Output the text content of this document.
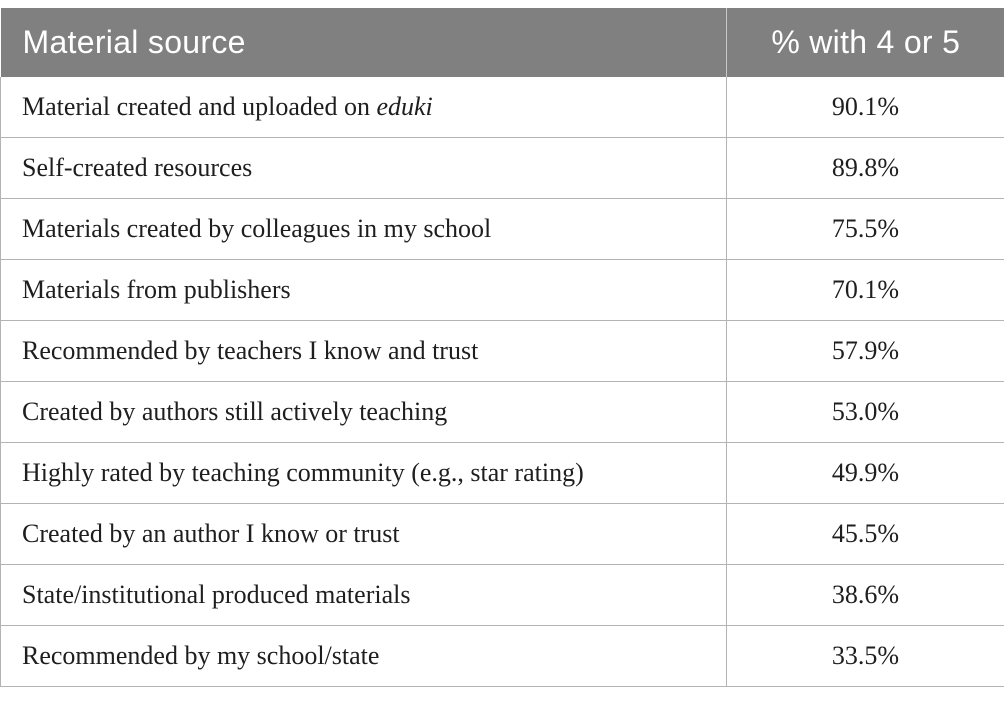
Material source	% with 4 or 5
Material created and uploaded on eduki	90.1%
Self-created resources	89.8%
Materials created by colleagues in my school	75.5%
Materials from publishers	70.1%
Recommended by teachers I know and trust	57.9%
Created by authors still actively teaching	53.0%
Highly rated by teaching community (e.g., star rating)	49.9%
Created by an author I know or trust	45.5%
State/institutional produced materials	38.6%
Recommended by my school/state	33.5%
